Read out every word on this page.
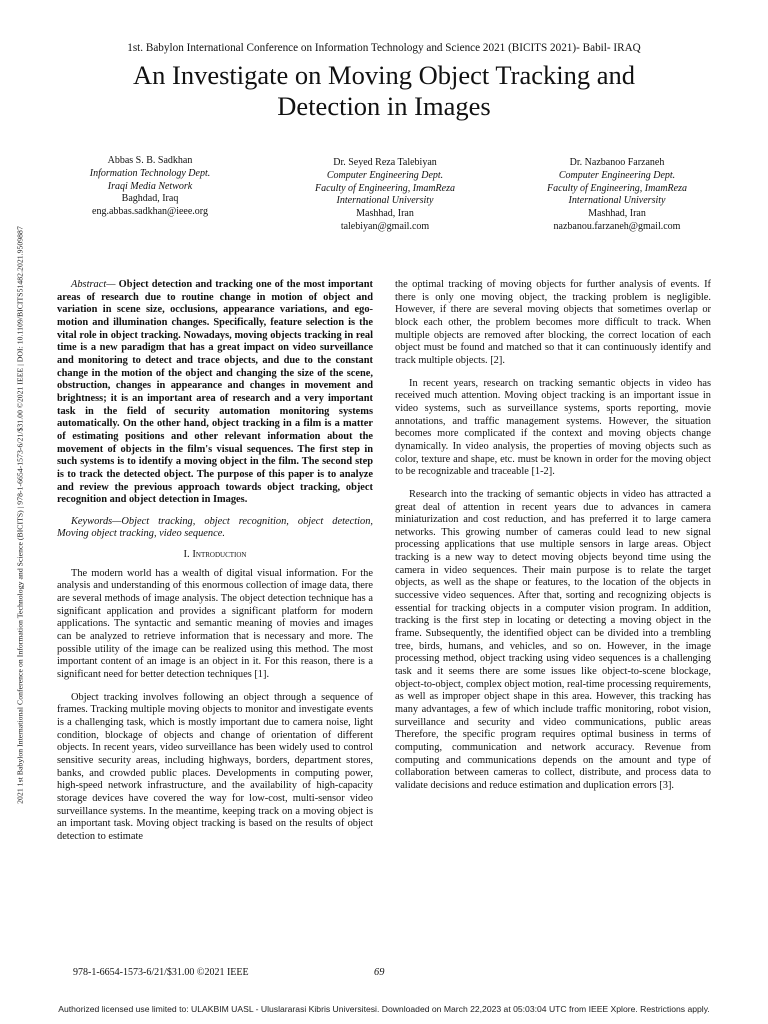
1st. Babylon International Conference on Information Technology and Science 2021 (BICITS 2021)- Babil- IRAQ
An Investigate on Moving Object Tracking and
Detection in Images
2021 1st Babylon International Conference on Information Technology and Science (BICITS) | 978-1-6654-1573-6/21/$31.00 ©2021 IEEE | DOI: 10.1109/BICITS51482.2021.9509887
Abbas S. B. Sadkhan
Information Technology Dept.
Iraqi Media Network
Baghdad, Iraq
eng.abbas.sadkhan@ieee.org
Dr. Seyed Reza Talebiyan
Computer Engineering Dept.
Faculty of Engineering, ImamReza
International University
Mashhad, Iran
talebiyan@gmail.com
Dr. Nazbanoo Farzaneh
Computer Engineering Dept.
Faculty of Engineering, ImamReza
International University
Mashhad, Iran
nazbanou.farzaneh@gmail.com

Abstract— Object detection and tracking one of the most important areas of research due to routine change in motion of object and variation in scene size, occlusions, appearance variations, and ego-motion and illumination changes. Specifically, feature selection is the vital role in object tracking. Nowadays, moving objects tracking in real time is a new paradigm that has a great impact on video surveillance and monitoring to detect and trace objects, and due to the constant change in the motion of the object and changing the size of the scene, obstruction, changes in appearance and changes in movement and brightness; it is an important area of research and a very important task in the field of security automation monitoring systems automatically. On the other hand, object tracking in a film is a matter of estimating positions and other relevant information about the movement of objects in the film's visual sequences. The first step in such systems is to identify a moving object in the film. The second step is to track the detected object. The purpose of this paper is to analyze and review the previous approach towards object tracking, object recognition and object detection in Images.

Keywords—Object tracking, object recognition, object detection, Moving object tracking, video sequence.

I. Introduction

The modern world has a wealth of digital visual information. For the analysis and understanding of this enormous collection of image data, there are several methods of image analysis. The object detection technique has a significant application and provides a significant platform for modern applications. The syntactic and semantic meaning of movies and images can be analyzed to retrieve information that is necessary and more. The possible utility of the image can be realized using this method. The most important content of an image is an object in it. For this reason, there is a significant need for better detection techniques [1].

Object tracking involves following an object through a sequence of frames. Tracking multiple moving objects to monitor and investigate events is a challenging task, which is mostly important due to camera noise, light condition, blockage of objects and change of orientation of different objects. In recent years, video surveillance has been widely used to control sensitive security areas, including highways, borders, department stores, banks, and crowded public places. Developments in computing power, high-speed network infrastructure, and the availability of high-capacity storage devices have covered the way for low-cost, multi-sensor video surveillance systems. In the meantime, keeping track on a moving object is an important task. Moving object tracking is based on the results of object detection to estimate

the optimal tracking of moving objects for further analysis of events. If there is only one moving object, the tracking problem is negligible. However, if there are several moving objects that sometimes overlap or block each other, the problem becomes more difficult to track. When multiple objects are removed after blocking, the correct location of each object must be found and matched so that it can continuously identify and track multiple objects. [2].

In recent years, research on tracking semantic objects in video has received much attention. Moving object tracking is an important issue in video systems, such as surveillance systems, sports reporting, movie annotations, and traffic management systems. However, the situation becomes more complicated if the context and moving objects change dynamically. In video analysis, the properties of moving objects such as color, texture and shape, etc. must be known in order for the moving object to be recognizable and traceable [1-2].

Research into the tracking of semantic objects in video has attracted a great deal of attention in recent years due to advances in camera miniaturization and cost reduction, and has preferred it to large camera networks. This growing number of cameras could lead to new signal processing applications that use multiple sensors in large areas. Object tracking is a new way to detect moving objects beyond time using the camera in video sequences. Their main purpose is to relate the target objects, as well as the shape or features, to the location of the objects in successive video sequences. After that, sorting and recognizing objects is essential for tracking objects in a computer vision program. In addition, tracking is the first step in locating or detecting a moving object in the frame. Subsequently, the identified object can be divided into a trembling tree, birds, humans, and vehicles, and so on. However, in the image processing method, object tracking using video sequences is a challenging task and it seems there are some issues like object-to-scene blockage, object-to-object, complex object motion, real-time processing requirements, as well as improper object shape in this area. However, this tracking has many advantages, a few of which include traffic monitoring, robot vision, surveillance and security and video communications, public areas Therefore, the specific program requires optimal business in terms of computing, communication and network accuracy. Revenue from computing and communications depends on the amount and type of collaboration between cameras to collect, distribute, and process data to validate decisions and reduce estimation and duplication errors [3].

978-1-6654-1573-6/21/$31.00 ©2021 IEEE	69
Authorized licensed use limited to: ULAKBIM UASL - Uluslararasi Kibris Universitesi. Downloaded on March 22,2023 at 05:03:04 UTC from IEEE Xplore. Restrictions apply.
